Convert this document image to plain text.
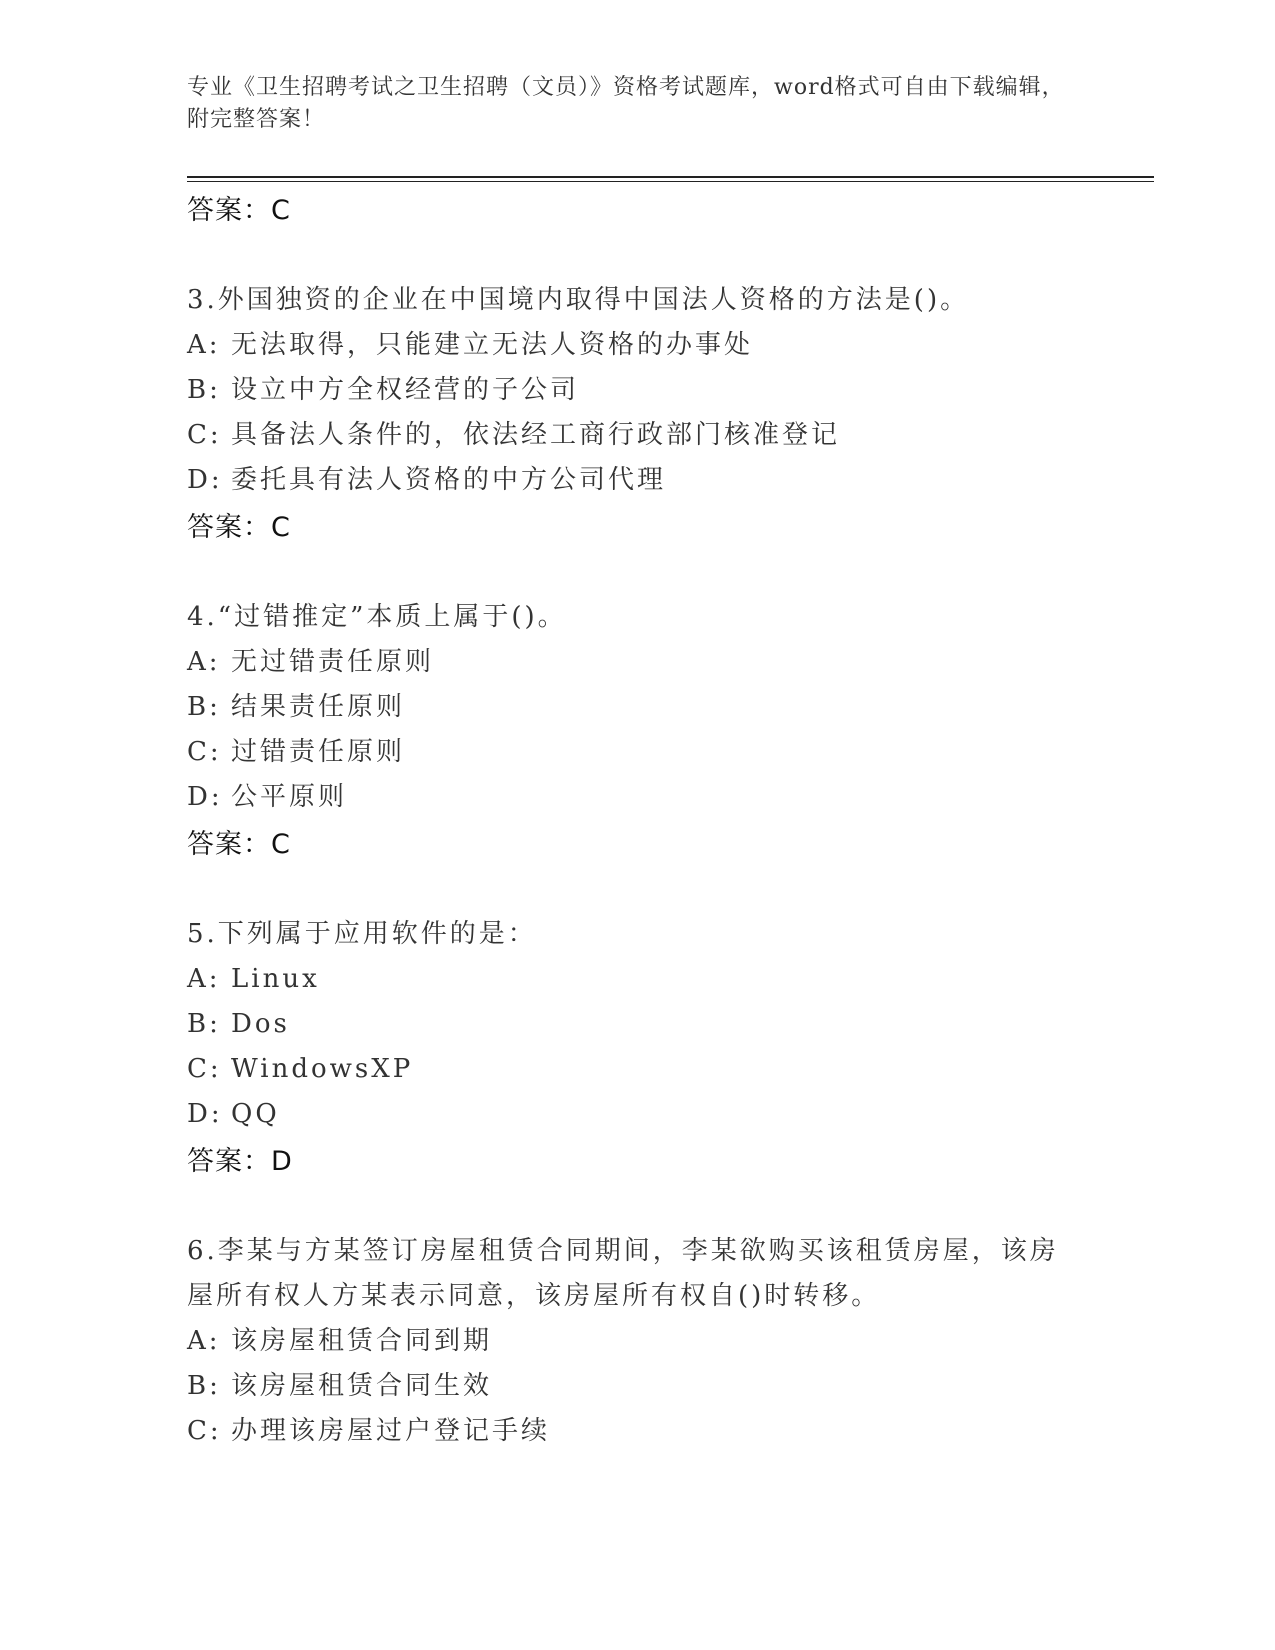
专业《卫生招聘考试之卫生招聘（文员）》资格考试题库，word格式可自由下载编辑，附完整答案！
答案：C
3.外国独资的企业在中国境内取得中国法人资格的方法是()。
A: 无法取得，只能建立无法人资格的办事处
B: 设立中方全权经营的子公司
C: 具备法人条件的，依法经工商行政部门核准登记
D: 委托具有法人资格的中方公司代理
答案：C
4.“过错推定”本质上属于()。
A: 无过错责任原则
B: 结果责任原则
C: 过错责任原则
D: 公平原则
答案：C
5.下列属于应用软件的是：
A: Linux
B: Dos
C: WindowsXP
D: QQ
答案：D
6.李某与方某签订房屋租赁合同期间，李某欲购买该租赁房屋，该房屋所有权人方某表示同意，该房屋所有权自()时转移。
A: 该房屋租赁合同到期
B: 该房屋租赁合同生效
C: 办理该房屋过户登记手续
